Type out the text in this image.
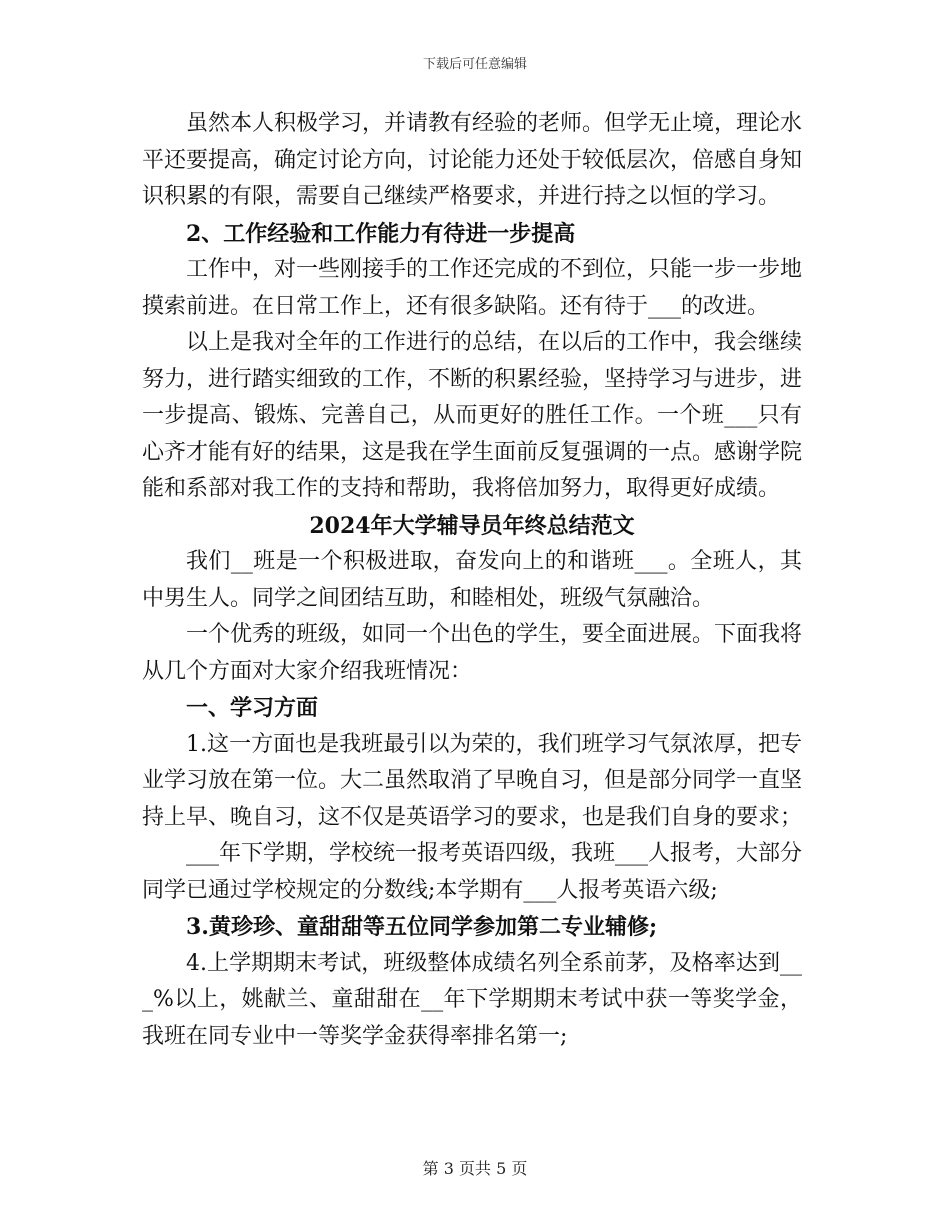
下载后可任意编辑

虽然本人积极学习，并请教有经验的老师。但学无止境，理论水平还要提高，确定讨论方向，讨论能力还处于较低层次，倍感自身知识积累的有限，需要自己继续严格要求，并进行持之以恒的学习。

2、工作经验和工作能力有待进一步提高

工作中，对一些刚接手的工作还完成的不到位，只能一步一步地摸索前进。在日常工作上，还有很多缺陷。还有待于___的改进。

以上是我对全年的工作进行的总结，在以后的工作中，我会继续努力，进行踏实细致的工作，不断的积累经验，坚持学习与进步，进一步提高、锻炼、完善自己，从而更好的胜任工作。一个班___只有心齐才能有好的结果，这是我在学生面前反复强调的一点。感谢学院能和系部对我工作的支持和帮助，我将倍加努力，取得更好成绩。

2024年大学辅导员年终总结范文

我们__班是一个积极进取，奋发向上的和谐班___。全班人，其中男生人。同学之间团结互助，和睦相处，班级气氛融洽。

一个优秀的班级，如同一个出色的学生，要全面进展。下面我将从几个方面对大家介绍我班情况：

一、学习方面

1.这一方面也是我班最引以为荣的，我们班学习气氛浓厚，把专业学习放在第一位。大二虽然取消了早晚自习，但是部分同学一直坚持上早、晚自习，这不仅是英语学习的要求，也是我们自身的要求；

___年下学期，学校统一报考英语四级，我班___人报考，大部分同学已通过学校规定的分数线;本学期有___人报考英语六级;

3.黄珍珍、童甜甜等五位同学参加第二专业辅修;

4.上学期期末考试，班级整体成绩名列全系前茅，及格率达到___%以上，姚献兰、童甜甜在__年下学期期末考试中获一等奖学金，我班在同专业中一等奖学金获得率排名第一;

第 3 页共 5 页
